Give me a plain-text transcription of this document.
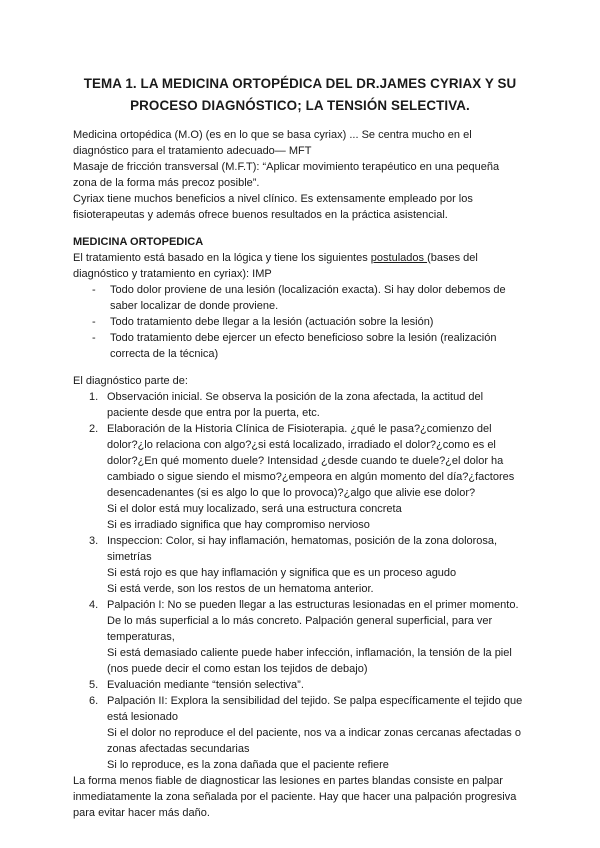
TEMA 1. LA MEDICINA ORTOPÉDICA DEL DR.JAMES CYRIAX Y SU
PROCESO DIAGNÓSTICO; LA TENSIÓN SELECTIVA.
Medicina ortopédica (M.O) (es en lo que se basa cyriax) ... Se centra mucho en el
diagnóstico para el tratamiento adecuado— MFT
Masaje de fricción transversal (M.F.T): “Aplicar movimiento terapéutico en una pequeña
zona de la forma más precoz posible”.
Cyriax tiene muchos beneficios a nivel clínico. Es extensamente empleado por los
fisioterapeutas y además ofrece buenos resultados en la práctica asistencial.
MEDICINA ORTOPEDICA
El tratamiento está basado en la lógica y tiene los siguientes postulados (bases del
diagnóstico y tratamiento en cyriax): IMP
- Todo dolor proviene de una lesión (localización exacta). Si hay dolor debemos de
saber localizar de donde proviene.
- Todo tratamiento debe llegar a la lesión (actuación sobre la lesión)
- Todo tratamiento debe ejercer un efecto beneficioso sobre la lesión (realización
correcta de la técnica)
El diagnóstico parte de:
1. Observación inicial. Se observa la posición de la zona afectada, la actitud del
paciente desde que entra por la puerta, etc.
2. Elaboración de la Historia Clínica de Fisioterapia. ¿qué le pasa?¿comienzo del
dolor?¿lo relaciona con algo?¿si está localizado, irradiado el dolor?¿como es el
dolor?¿En qué momento duele? Intensidad ¿desde cuando te duele?¿el dolor ha
cambiado o sigue siendo el mismo?¿empeora en algún momento del día?¿factores
desencadenantes (si es algo lo que lo provoca)?¿algo que alivie ese dolor?
Si el dolor está muy localizado, será una estructura concreta
Si es irradiado significa que hay compromiso nervioso
3. Inspeccion: Color, si hay inflamación, hematomas, posición de la zona dolorosa,
simetrías
Si está rojo es que hay inflamación y significa que es un proceso agudo
Si está verde, son los restos de un hematoma anterior.
4. Palpación I: No se pueden llegar a las estructuras lesionadas en el primer momento.
De lo más superficial a lo más concreto. Palpación general superficial, para ver
temperaturas,
Si está demasiado caliente puede haber infección, inflamación, la tensión de la piel
(nos puede decir el como estan los tejidos de debajo)
5. Evaluación mediante “tensión selectiva”.
6. Palpación II: Explora la sensibilidad del tejido. Se palpa específicamente el tejido que
está lesionado
Si el dolor no reproduce el del paciente, nos va a indicar zonas cercanas afectadas o
zonas afectadas secundarias
Si lo reproduce, es la zona dañada que el paciente refiere
La forma menos fiable de diagnosticar las lesiones en partes blandas consiste en palpar
inmediatamente la zona señalada por el paciente. Hay que hacer una palpación progresiva
para evitar hacer más daño.
